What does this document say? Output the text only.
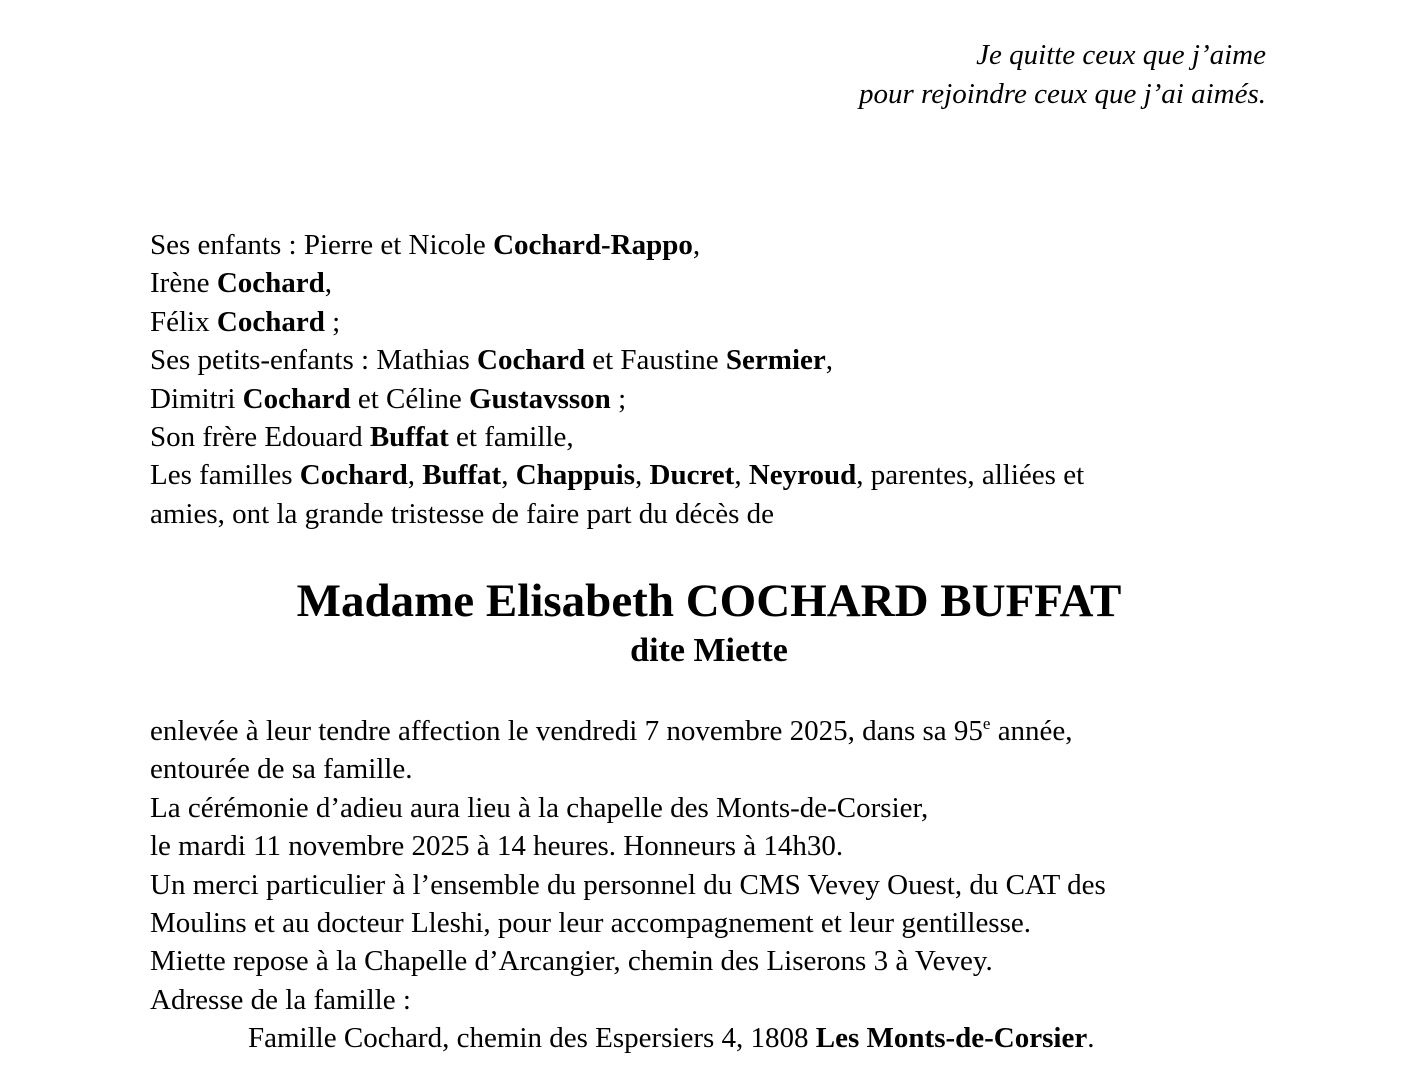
Je quitte ceux que j’aime
pour rejoindre ceux que j’ai aimés.
Ses enfants : Pierre et Nicole Cochard-Rappo,
Irène Cochard,
Félix Cochard ;
Ses petits-enfants : Mathias Cochard et Faustine Sermier,
Dimitri Cochard et Céline Gustavsson ;
Son frère Edouard Buffat et famille,
Les familles Cochard, Buffat, Chappuis, Ducret, Neyroud, parentes, alliées et
amies, ont la grande tristesse de faire part du décès de
Madame Elisabeth COCHARD BUFFAT
dite Miette
enlevée à leur tendre affection le vendredi 7 novembre 2025, dans sa 95e année,
entourée de sa famille.
La cérémonie d’adieu aura lieu à la chapelle des Monts-de-Corsier,
le mardi 11 novembre 2025 à 14 heures. Honneurs à 14h30.
Un merci particulier à l’ensemble du personnel du CMS Vevey Ouest, du CAT des
Moulins et au docteur Lleshi, pour leur accompagnement et leur gentillesse.
Miette repose à la Chapelle d’Arcangier, chemin des Liserons 3 à Vevey.
Adresse de la famille :
Famille Cochard, chemin des Espersiers 4, 1808 Les Monts-de-Corsier.
